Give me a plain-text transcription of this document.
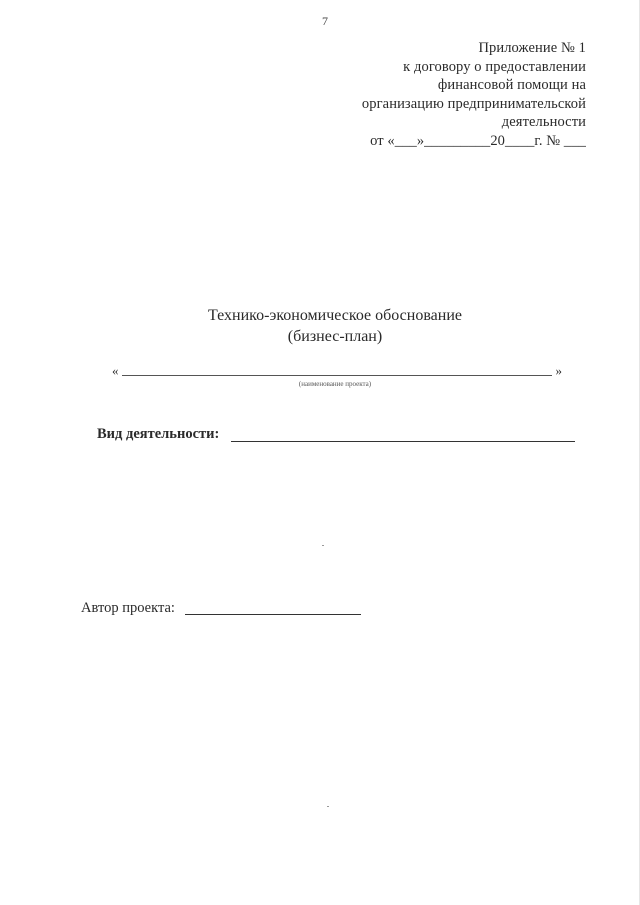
7
Приложение № 1
к договору о предоставлении
финансовой помощи на
организацию предпринимательской
деятельности
от «___»_________20____г. № ___
Технико-экономическое обоснование
(бизнес-план)
«	»
(наименование проекта)
Вид деятельности:
Автор проекта:
